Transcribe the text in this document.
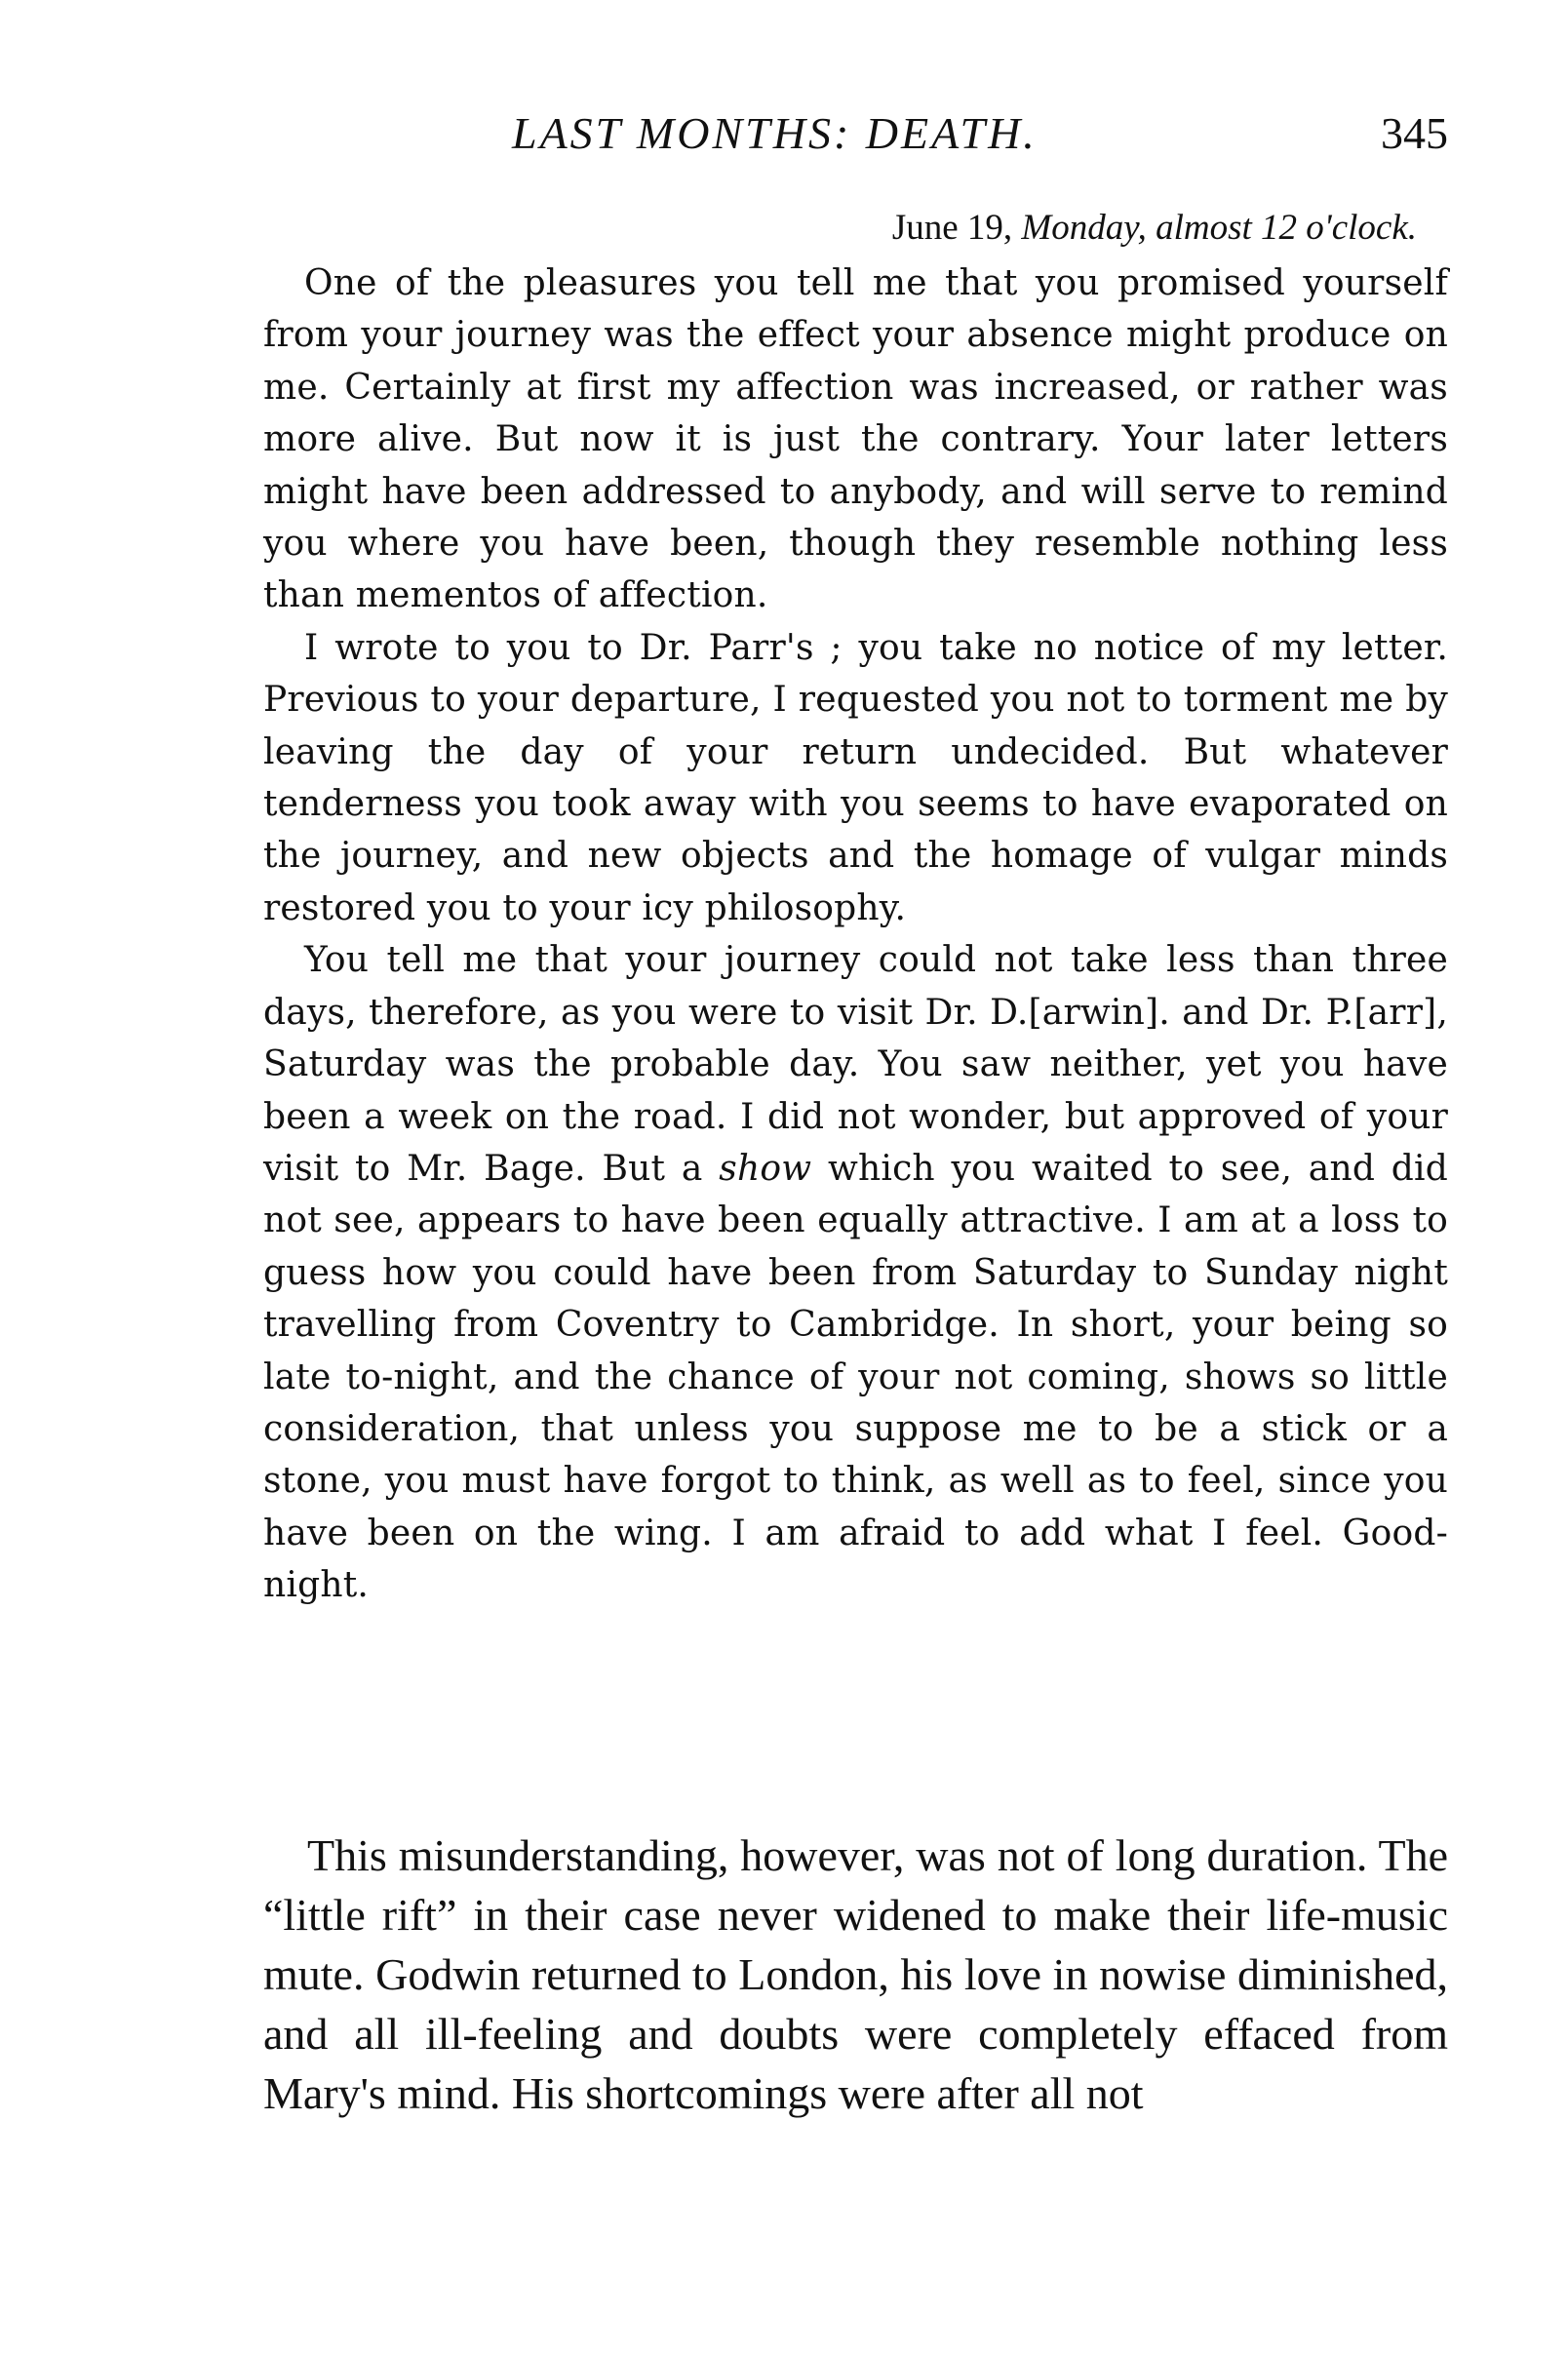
LAST MONTHS: DEATH.	345
June 19, Monday, almost 12 o'clock.

One of the pleasures you tell me that you promised yourself from your journey was the effect your absence might produce on me. Certainly at first my affection was increased, or rather was more alive. But now it is just the contrary. Your later letters might have been addressed to anybody, and will serve to remind you where you have been, though they resemble nothing less than mementos of affection.

I wrote to you to Dr. Parr's ; you take no notice of my letter. Previous to your departure, I requested you not to torment me by leaving the day of your return undecided. But whatever tenderness you took away with you seems to have evaporated on the journey, and new objects and the homage of vulgar minds restored you to your icy philosophy.

You tell me that your journey could not take less than three days, therefore, as you were to visit Dr. D.[arwin]. and Dr. P.[arr], Saturday was the probable day. You saw neither, yet you have been a week on the road. I did not wonder, but approved of your visit to Mr. Bage. But a show which you waited to see, and did not see, appears to have been equally attractive. I am at a loss to guess how you could have been from Saturday to Sunday night travelling from Coventry to Cambridge. In short, your being so late to-night, and the chance of your not coming, shows so little consideration, that unless you suppose me to be a stick or a stone, you must have forgot to think, as well as to feel, since you have been on the wing. I am afraid to add what I feel. Good-night.

This misunderstanding, however, was not of long duration. The “little rift” in their case never widened to make their life-music mute. Godwin returned to London, his love in nowise diminished, and all ill-feeling and doubts were completely effaced from Mary's mind. His shortcomings were after all not
